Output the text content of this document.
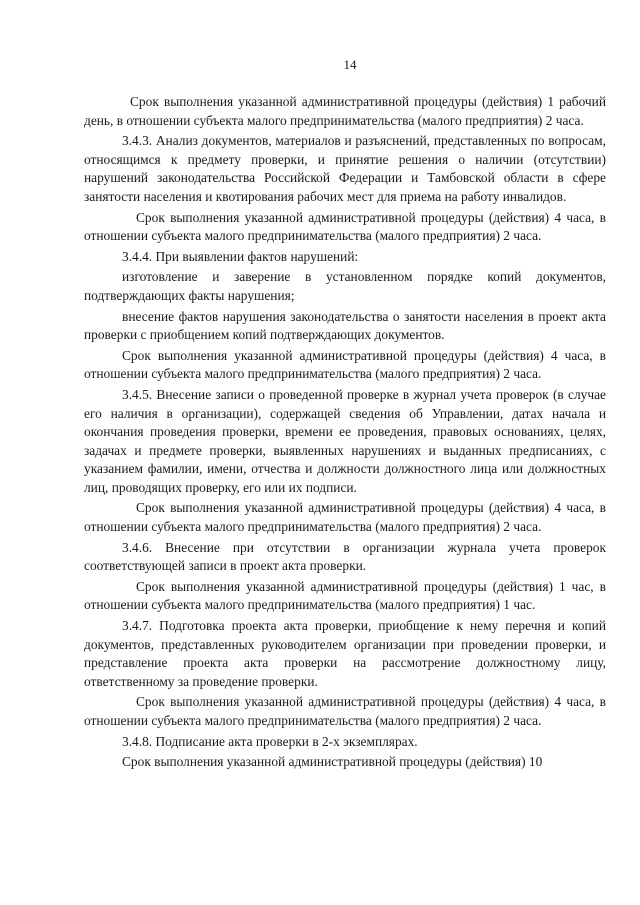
14

Срок выполнения указанной административной процедуры (действия) 1 рабочий день, в отношении субъекта малого предпринимательства (малого предприятия) 2 часа.

3.4.3. Анализ документов, материалов и разъяснений, представленных по вопросам, относящимся к предмету проверки, и принятие решения о наличии (отсутствии) нарушений законодательства Российской Федерации и Тамбовской области в сфере занятости населения и квотирования рабочих мест для приема на работу инвалидов.

Срок выполнения указанной административной процедуры (действия) 4 часа, в отношении субъекта малого предпринимательства (малого предприятия) 2 часа.

3.4.4. При выявлении фактов нарушений:

изготовление и заверение в установленном порядке копий документов, подтверждающих факты нарушения;

внесение фактов нарушения законодательства о занятости населения в проект акта проверки с приобщением копий подтверждающих документов.

Срок выполнения указанной административной процедуры (действия) 4 часа, в отношении субъекта малого предпринимательства (малого предприятия) 2 часа.

3.4.5. Внесение записи о проведенной проверке в журнал учета проверок (в случае его наличия в организации), содержащей сведения об Управлении, датах начала и окончания проведения проверки, времени ее проведения, правовых основаниях, целях, задачах и предмете проверки, выявленных нарушениях и выданных предписаниях, с указанием фамилии, имени, отчества и должности должностного лица или должностных лиц, проводящих проверку, его или их подписи.

Срок выполнения указанной административной процедуры (действия) 4 часа, в отношении субъекта малого предпринимательства (малого предприятия) 2 часа.

3.4.6. Внесение при отсутствии в организации журнала учета проверок соответствующей записи в проект акта проверки.

Срок выполнения указанной административной процедуры (действия) 1 час, в отношении субъекта малого предпринимательства (малого предприятия) 1 час.

3.4.7. Подготовка проекта акта проверки, приобщение к нему перечня и копий документов, представленных руководителем организации при проведении проверки, и представление проекта акта проверки на рассмотрение должностному лицу, ответственному за проведение проверки.

Срок выполнения указанной административной процедуры (действия) 4 часа, в отношении субъекта малого предпринимательства (малого предприятия) 2 часа.

3.4.8. Подписание акта проверки в 2-х экземплярах.

Срок выполнения указанной административной процедуры (действия) 10
